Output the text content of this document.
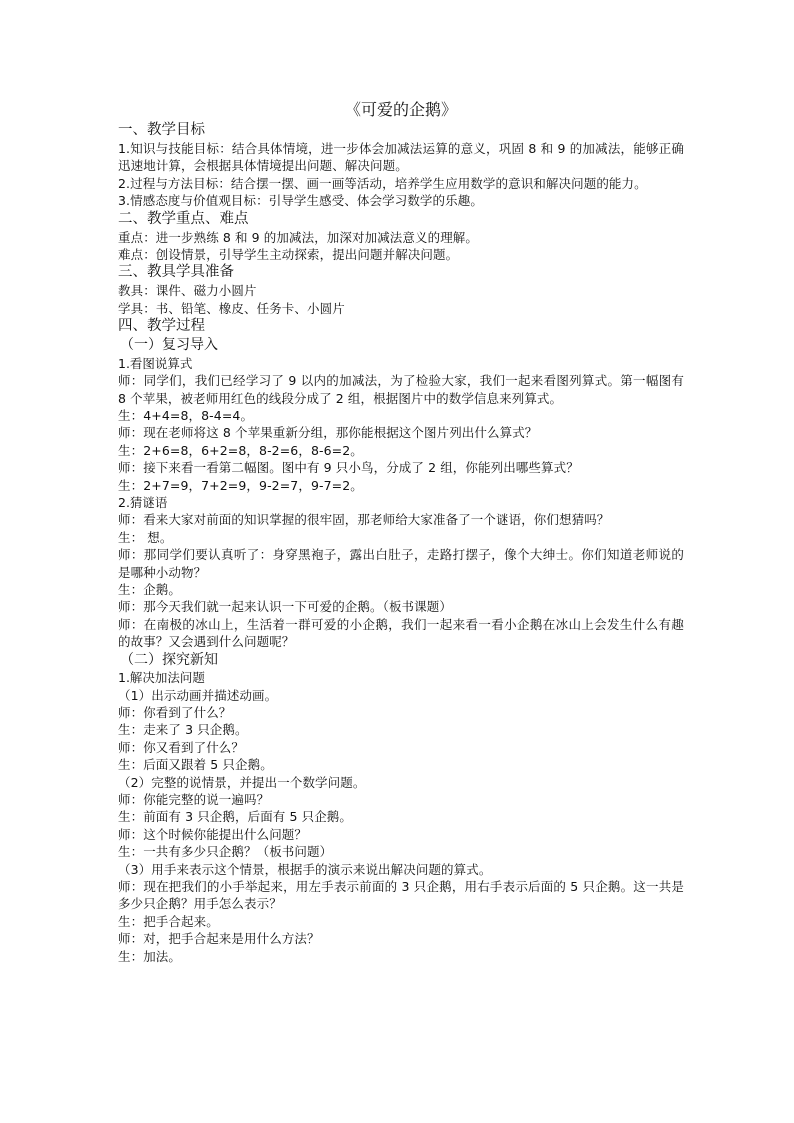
《可爱的企鹅》
一、教学目标
1.知识与技能目标：结合具体情境，进一步体会加减法运算的意义，巩固 8 和 9 的加减法，能够正确迅速地计算，会根据具体情境提出问题、解决问题。
2.过程与方法目标：结合摆一摆、画一画等活动，培养学生应用数学的意识和解决问题的能力。
3.情感态度与价值观目标：引导学生感受、体会学习数学的乐趣。
二、教学重点、难点
重点：进一步熟练 8 和 9 的加减法，加深对加减法意义的理解。
难点：创设情景，引导学生主动探索，提出问题并解决问题。
三、教具学具准备
教具：课件、磁力小圆片
学具：书、铅笔、橡皮、任务卡、小圆片
四、教学过程
（一）复习导入
1.看图说算式
师：同学们，我们已经学习了 9 以内的加减法，为了检验大家，我们一起来看图列算式。第一幅图有 8 个苹果，被老师用红色的线段分成了 2 组，根据图片中的数学信息来列算式。
生：4+4=8，8-4=4。
师：现在老师将这 8 个苹果重新分组，那你能根据这个图片列出什么算式？
生：2+6=8，6+2=8，8-2=6，8-6=2。
师：接下来看一看第二幅图。图中有 9 只小鸟，分成了 2 组，你能列出哪些算式？
生：2+7=9，7+2=9，9-2=7，9-7=2。
2.猜谜语
师：看来大家对前面的知识掌握的很牢固，那老师给大家准备了一个谜语，你们想猜吗？
生： 想。
师：那同学们要认真听了：身穿黑袍子，露出白肚子，走路打摆子，像个大绅士。你们知道老师说的是哪种小动物？
生：企鹅。
师：那今天我们就一起来认识一下可爱的企鹅。（板书课题）
师：在南极的冰山上，生活着一群可爱的小企鹅，我们一起来看一看小企鹅在冰山上会发生什么有趣的故事？又会遇到什么问题呢？
（二）探究新知
1.解决加法问题
（1）出示动画并描述动画。
师：你看到了什么？
生：走来了 3 只企鹅。
师：你又看到了什么？
生：后面又跟着 5 只企鹅。
（2）完整的说情景，并提出一个数学问题。
师：你能完整的说一遍吗？
生：前面有 3 只企鹅，后面有 5 只企鹅。
师：这个时候你能提出什么问题？
生：一共有多少只企鹅？（板书问题）
（3）用手来表示这个情景，根据手的演示来说出解决问题的算式。
师：现在把我们的小手举起来，用左手表示前面的 3 只企鹅，用右手表示后面的 5 只企鹅。这一共是多少只企鹅？用手怎么表示？
生：把手合起来。
师：对，把手合起来是用什么方法？
生：加法。
